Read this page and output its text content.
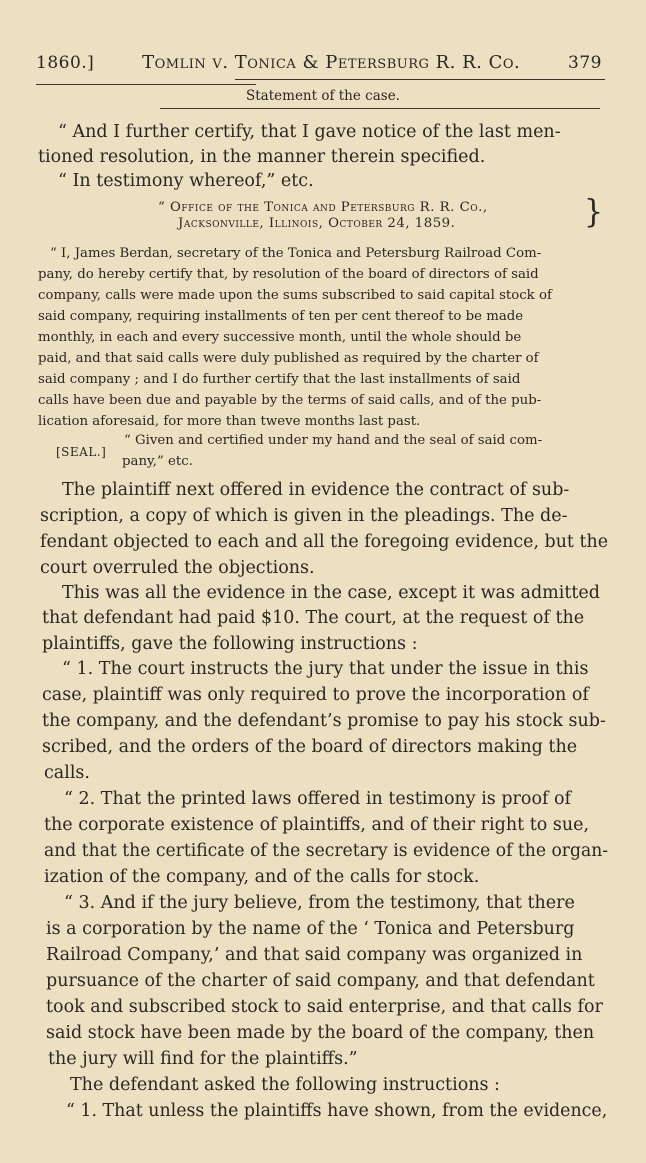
1860.]	Tomlin v. Tonica & Petersburg R. R. Co.	379
Statement of the case.
“ And I further certify, that I gave notice of the last men-
tioned resolution, in the manner therein specified.
“ In testimony whereof,” etc.
“ Office of the Tonica and Petersburg R. R. Co.,
Jacksonville, Illinois, October 24, 1859.	}
“ I, James Berdan, secretary of the Tonica and Petersburg Railroad Com-
pany, do hereby certify that, by resolution of the board of directors of said
company, calls were made upon the sums subscribed to said capital stock of
said company, requiring installments of ten per cent thereof to be made
monthly, in each and every successive month, until the whole should be
paid, and that said calls were duly published as required by the charter of
said company ; and I do further certify that the last installments of said
calls have been due and payable by the terms of said calls, and of the pub-
lication aforesaid, for more than tweve months last past.
“ Given and certified under my hand and the seal of said com-
[SEAL.]
pany,” etc.
The plaintiff next offered in evidence the contract of sub-
scription, a copy of which is given in the pleadings. The de-
fendant objected to each and all the foregoing evidence, but the
court overruled the objections.
This was all the evidence in the case, except it was admitted
that defendant had paid $10. The court, at the request of the
plaintiffs, gave the following instructions :
“ 1. The court instructs the jury that under the issue in this
case, plaintiff was only required to prove the incorporation of
the company, and the defendant’s promise to pay his stock sub-
scribed, and the orders of the board of directors making the
calls.
“ 2. That the printed laws offered in testimony is proof of
the corporate existence of plaintiffs, and of their right to sue,
and that the certificate of the secretary is evidence of the organ-
ization of the company, and of the calls for stock.
“ 3. And if the jury believe, from the testimony, that there
is a corporation by the name of the ‘ Tonica and Petersburg
Railroad Company,’ and that said company was organized in
pursuance of the charter of said company, and that defendant
took and subscribed stock to said enterprise, and that calls for
said stock have been made by the board of the company, then
the jury will find for the plaintiffs.”
The defendant asked the following instructions :
“ 1. That unless the plaintiffs have shown, from the evidence,
